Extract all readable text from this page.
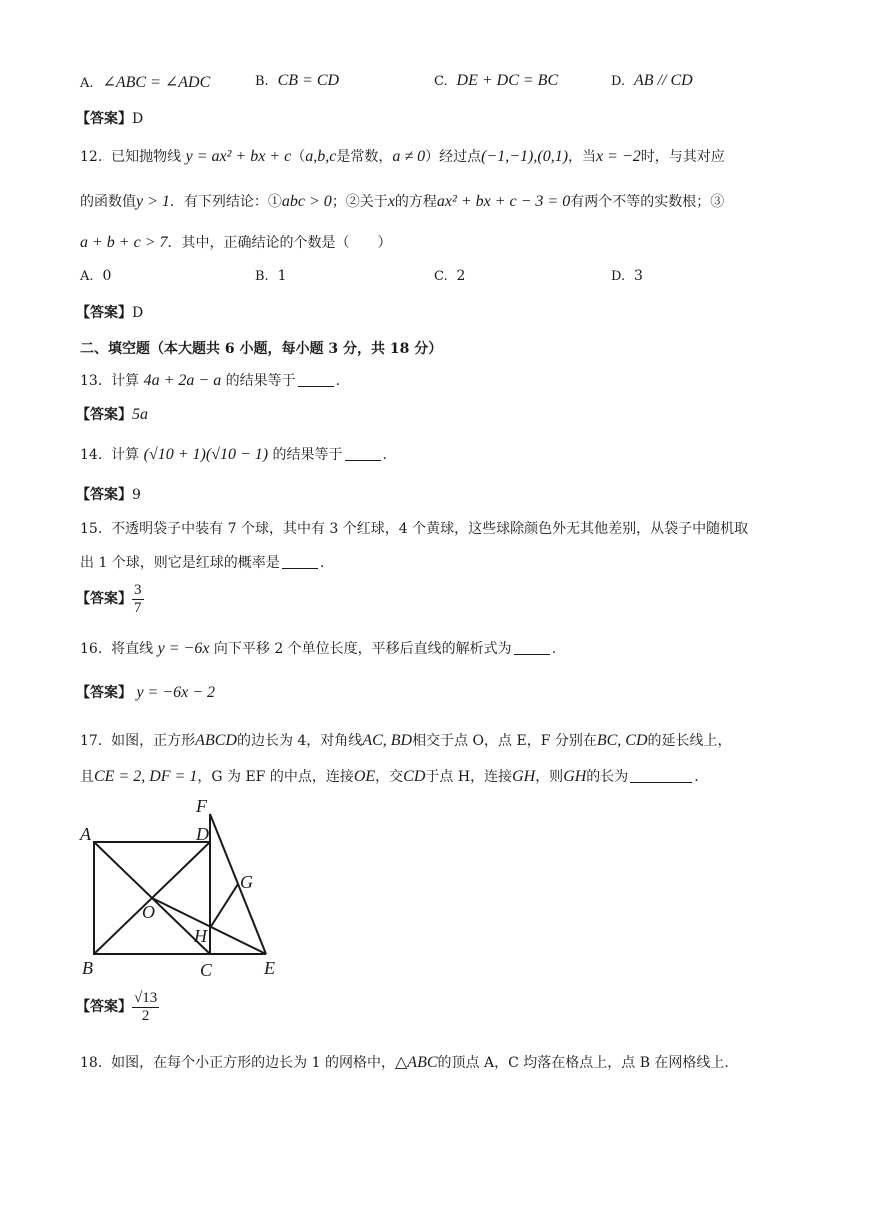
A. ∠ABC = ∠ADC	B. CB = CD	C. DE + DC = BC	D. AB // CD
【答案】D
12. 已知抛物线 y = ax² + bx + c（a,b,c是常数，a ≠ 0）经过点(−1,−1),(0,1)，当x = −2时，与其对应
的函数值y > 1．有下列结论：①abc > 0；②关于x的方程ax² + bx + c − 3 = 0有两个不等的实数根；③
a + b + c > 7．其中，正确结论的个数是（　　）
A. 0	B. 1	C. 2	D. 3
【答案】D
二、填空题（本大题共 6 小题，每小题 3 分，共 18 分）
13. 计算 4a + 2a − a 的结果等于	.
【答案】5a
14. 计算 (√10 + 1)(√10 − 1) 的结果等于	.
【答案】9
15. 不透明袋子中装有 7 个球，其中有 3 个红球，4 个黄球，这些球除颜色外无其他差别，从袋子中随机取
出 1 个球，则它是红球的概率是	.
【答案】 $\frac{3}{7}$
16. 将直线 y = −6x 向下平移 2 个单位长度，平移后直线的解析式为	.
【答案】 y = −6x − 2
17. 如图，正方形ABCD的边长为 4，对角线AC, BD相交于点 O，点 E，F 分别在BC, CD的延长线上，
且CE = 2, DF = 1，G 为 EF 的中点，连接OE，交CD于点 H，连接GH，则GH的长为	.
A
B	C
D
E
F
G
H
O
【答案】 $\frac{√13}{2}$
18. 如图，在每个小正方形的边长为 1 的网格中，△ABC的顶点 A，C 均落在格点上，点 B 在网格线上.
